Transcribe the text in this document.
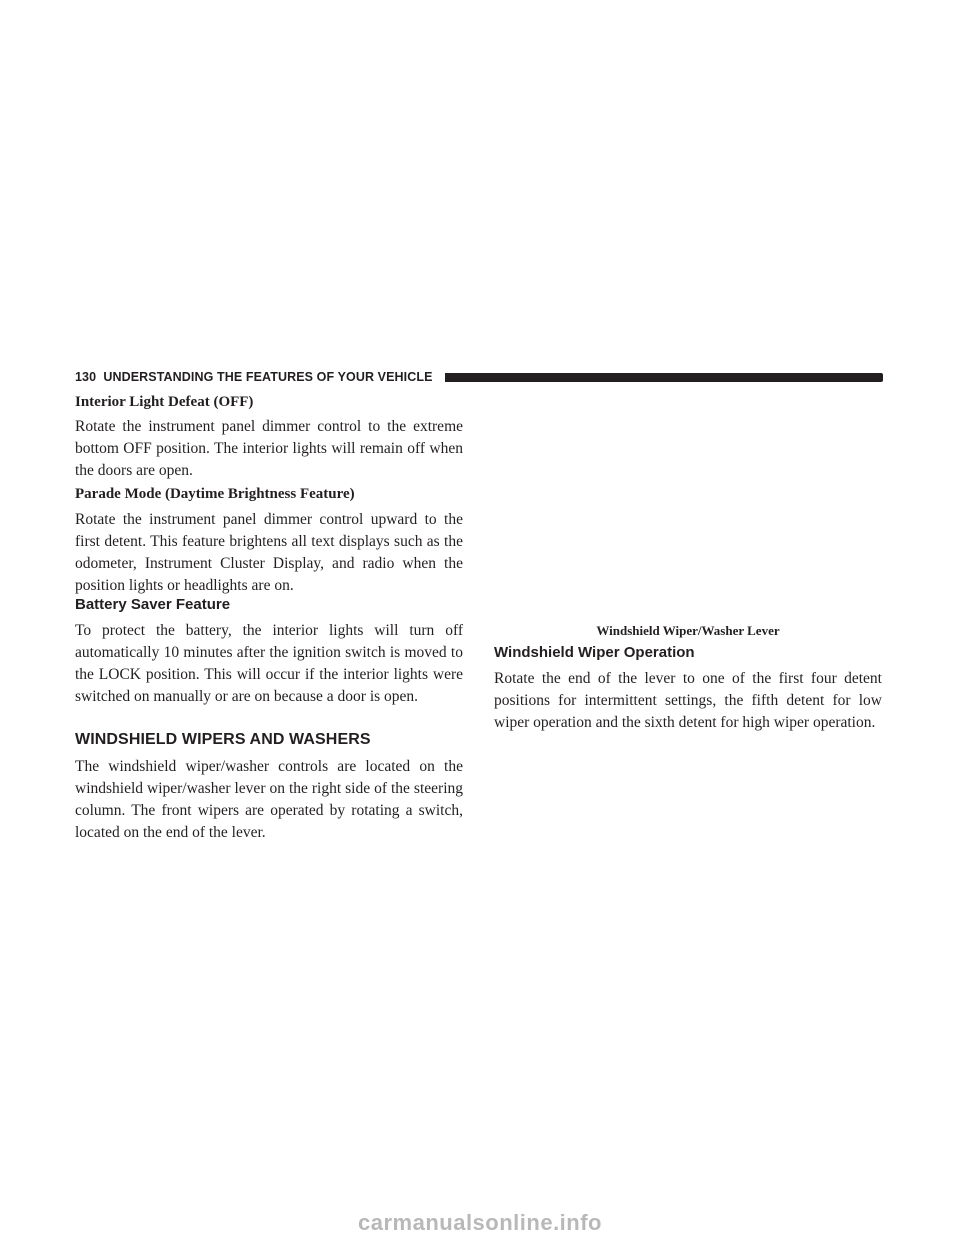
130 UNDERSTANDING THE FEATURES OF YOUR VEHICLE
Interior Light Defeat (OFF)

Rotate the instrument panel dimmer control to the extreme bottom OFF position. The interior lights will remain off when the doors are open.

Parade Mode (Daytime Brightness Feature)

Rotate the instrument panel dimmer control upward to the first detent. This feature brightens all text displays such as the odometer, Instrument Cluster Display, and radio when the position lights or headlights are on.

Battery Saver Feature

To protect the battery, the interior lights will turn off automatically 10 minutes after the ignition switch is moved to the LOCK position. This will occur if the interior lights were switched on manually or are on because a door is open.

WINDSHIELD WIPERS AND WASHERS

The windshield wiper/washer controls are located on the windshield wiper/washer lever on the right side of the steering column. The front wipers are operated by rotating a switch, located on the end of the lever.

Windshield Wiper/Washer Lever
Windshield Wiper Operation

Rotate the end of the lever to one of the first four detent positions for intermittent settings, the fifth detent for low wiper operation and the sixth detent for high wiper operation.

carmanualsonline.info
